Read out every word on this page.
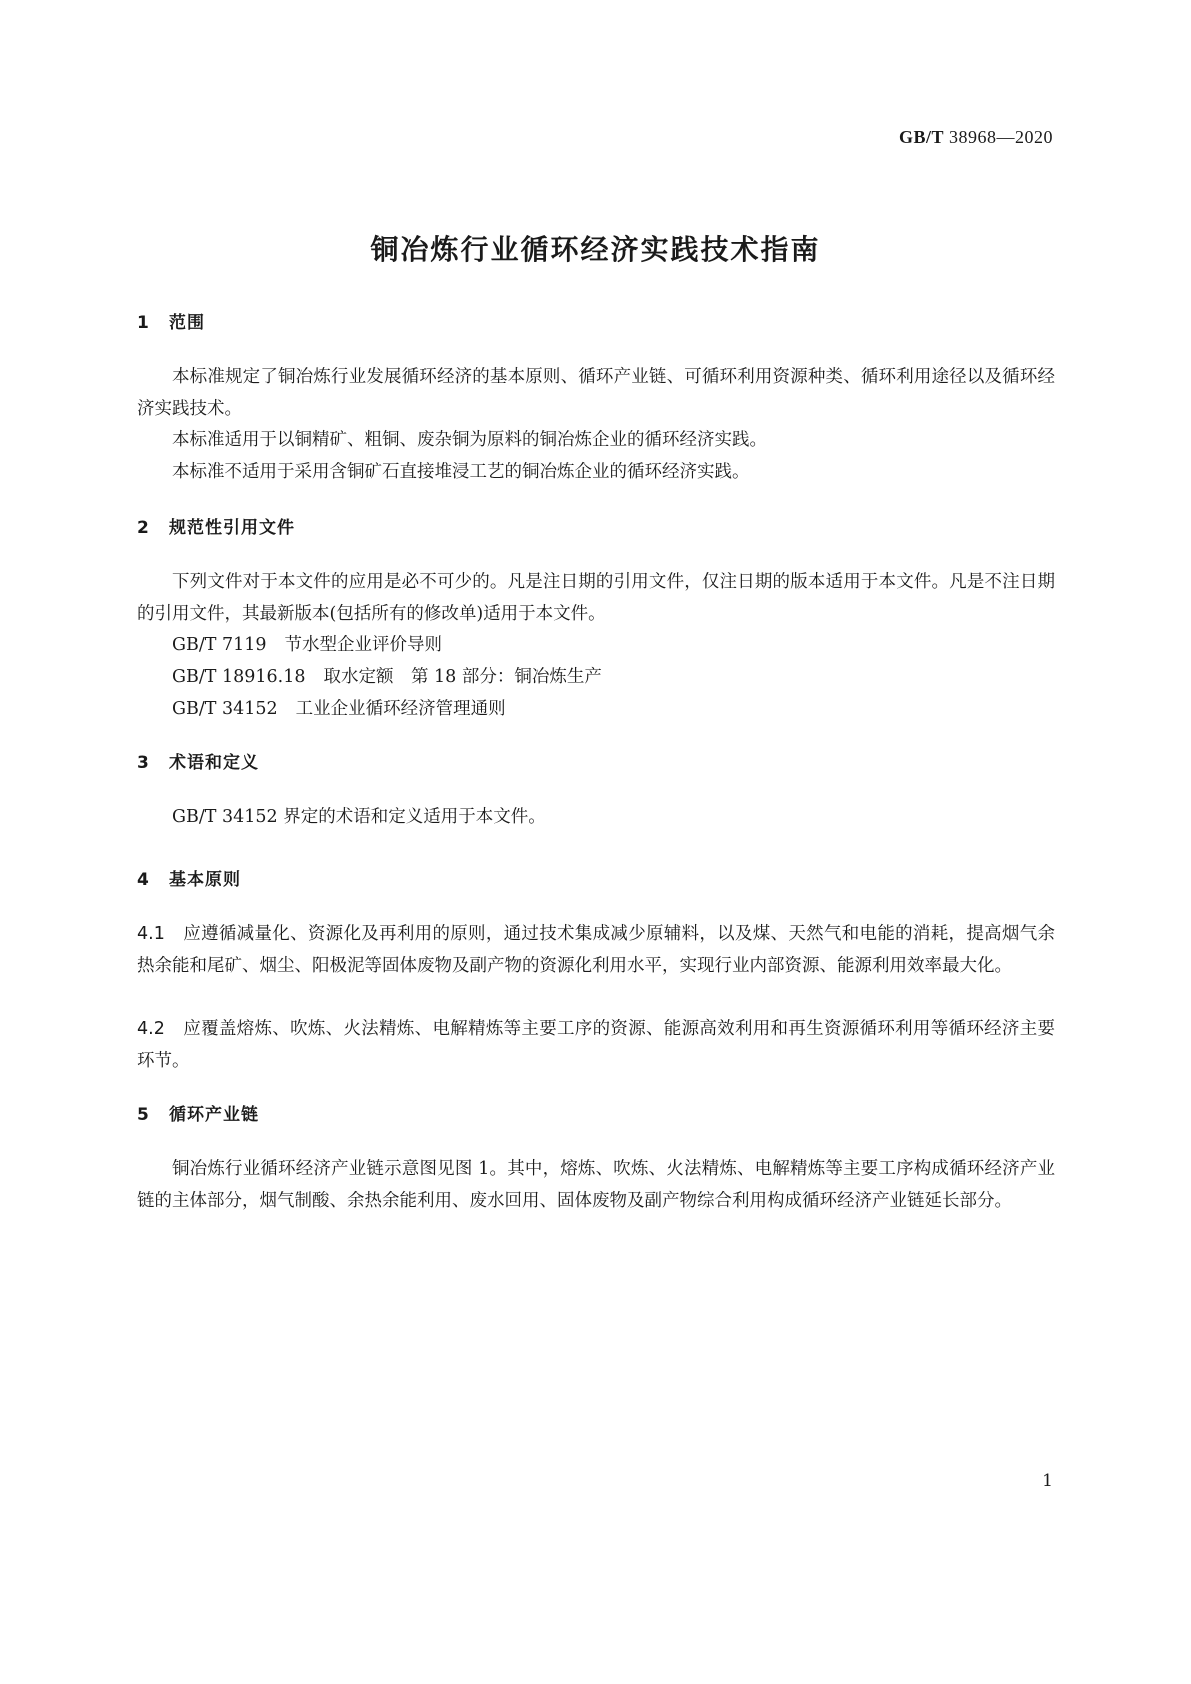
GB/T 38968—2020
铜冶炼行业循环经济实践技术指南
1 范围

本标准规定了铜冶炼行业发展循环经济的基本原则、循环产业链、可循环利用资源种类、循环利用途径以及循环经济实践技术。

本标准适用于以铜精矿、粗铜、废杂铜为原料的铜冶炼企业的循环经济实践。

本标准不适用于采用含铜矿石直接堆浸工艺的铜冶炼企业的循环经济实践。

2 规范性引用文件

下列文件对于本文件的应用是必不可少的。凡是注日期的引用文件，仅注日期的版本适用于本文件。凡是不注日期的引用文件，其最新版本(包括所有的修改单)适用于本文件。

GB/T 7119 节水型企业评价导则
GB/T 18916.18 取水定额　第 18 部分：铜冶炼生产
GB/T 34152 工业企业循环经济管理通则
3 术语和定义

GB/T 34152 界定的术语和定义适用于本文件。

4 基本原则

4.1 应遵循减量化、资源化及再利用的原则，通过技术集成减少原辅料，以及煤、天然气和电能的消耗，提高烟气余热余能和尾矿、烟尘、阳极泥等固体废物及副产物的资源化利用水平，实现行业内部资源、能源利用效率最大化。

4.2 应覆盖熔炼、吹炼、火法精炼、电解精炼等主要工序的资源、能源高效利用和再生资源循环利用等循环经济主要环节。

5 循环产业链

铜冶炼行业循环经济产业链示意图见图 1。其中，熔炼、吹炼、火法精炼、电解精炼等主要工序构成循环经济产业链的主体部分，烟气制酸、余热余能利用、废水回用、固体废物及副产物综合利用构成循环经济产业链延长部分。

1
